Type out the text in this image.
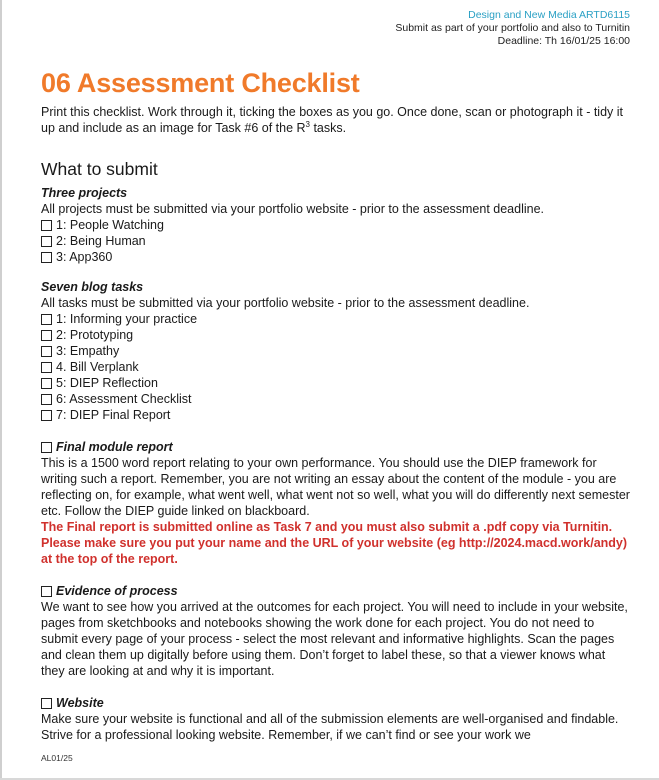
Design and New Media ARTD6115
Submit as part of your portfolio and also to Turnitin
Deadline: Th 16/01/25 16:00
06 Assessment Checklist
Print this checklist. Work through it, ticking the boxes as you go. Once done, scan or photograph it - tidy it up and include as an image for Task #6 of the $R^3$ tasks.
What to submit
Three projects
All projects must be submitted via your portfolio website - prior to the assessment deadline.
1: People Watching
2: Being Human
3: App360
Seven blog tasks
All tasks must be submitted via your portfolio website - prior to the assessment deadline.
1: Informing your practice
2: Prototyping
3: Empathy
4. Bill Verplank
5: DIEP Reflection
6: Assessment Checklist
7: DIEP Final Report
Final module report
This is a 1500 word report relating to your own performance. You should use the DIEP framework for writing such a report. Remember, you are not writing an essay about the content of the module - you are reflecting on, for example, what went well, what went not so well, what you will do differently next semester etc. Follow the DIEP guide linked on blackboard.
The Final report is submitted online as Task 7 and you must also submit a .pdf copy via Turnitin. Please make sure you put your name and the URL of your website (eg http://2024.macd.work/andy) at the top of the report.
Evidence of process
We want to see how you arrived at the outcomes for each project. You will need to include in your website, pages from sketchbooks and notebooks showing the work done for each project. You do not need to submit every page of your process - select the most relevant and informative highlights. Scan the pages and clean them up digitally before using them. Don’t forget to label these, so that a viewer knows what they are looking at and why it is important.
Website
Make sure your website is functional and all of the submission elements are well-organised and findable. Strive for a professional looking website. Remember, if we can’t find or see your work we
AL01/25
